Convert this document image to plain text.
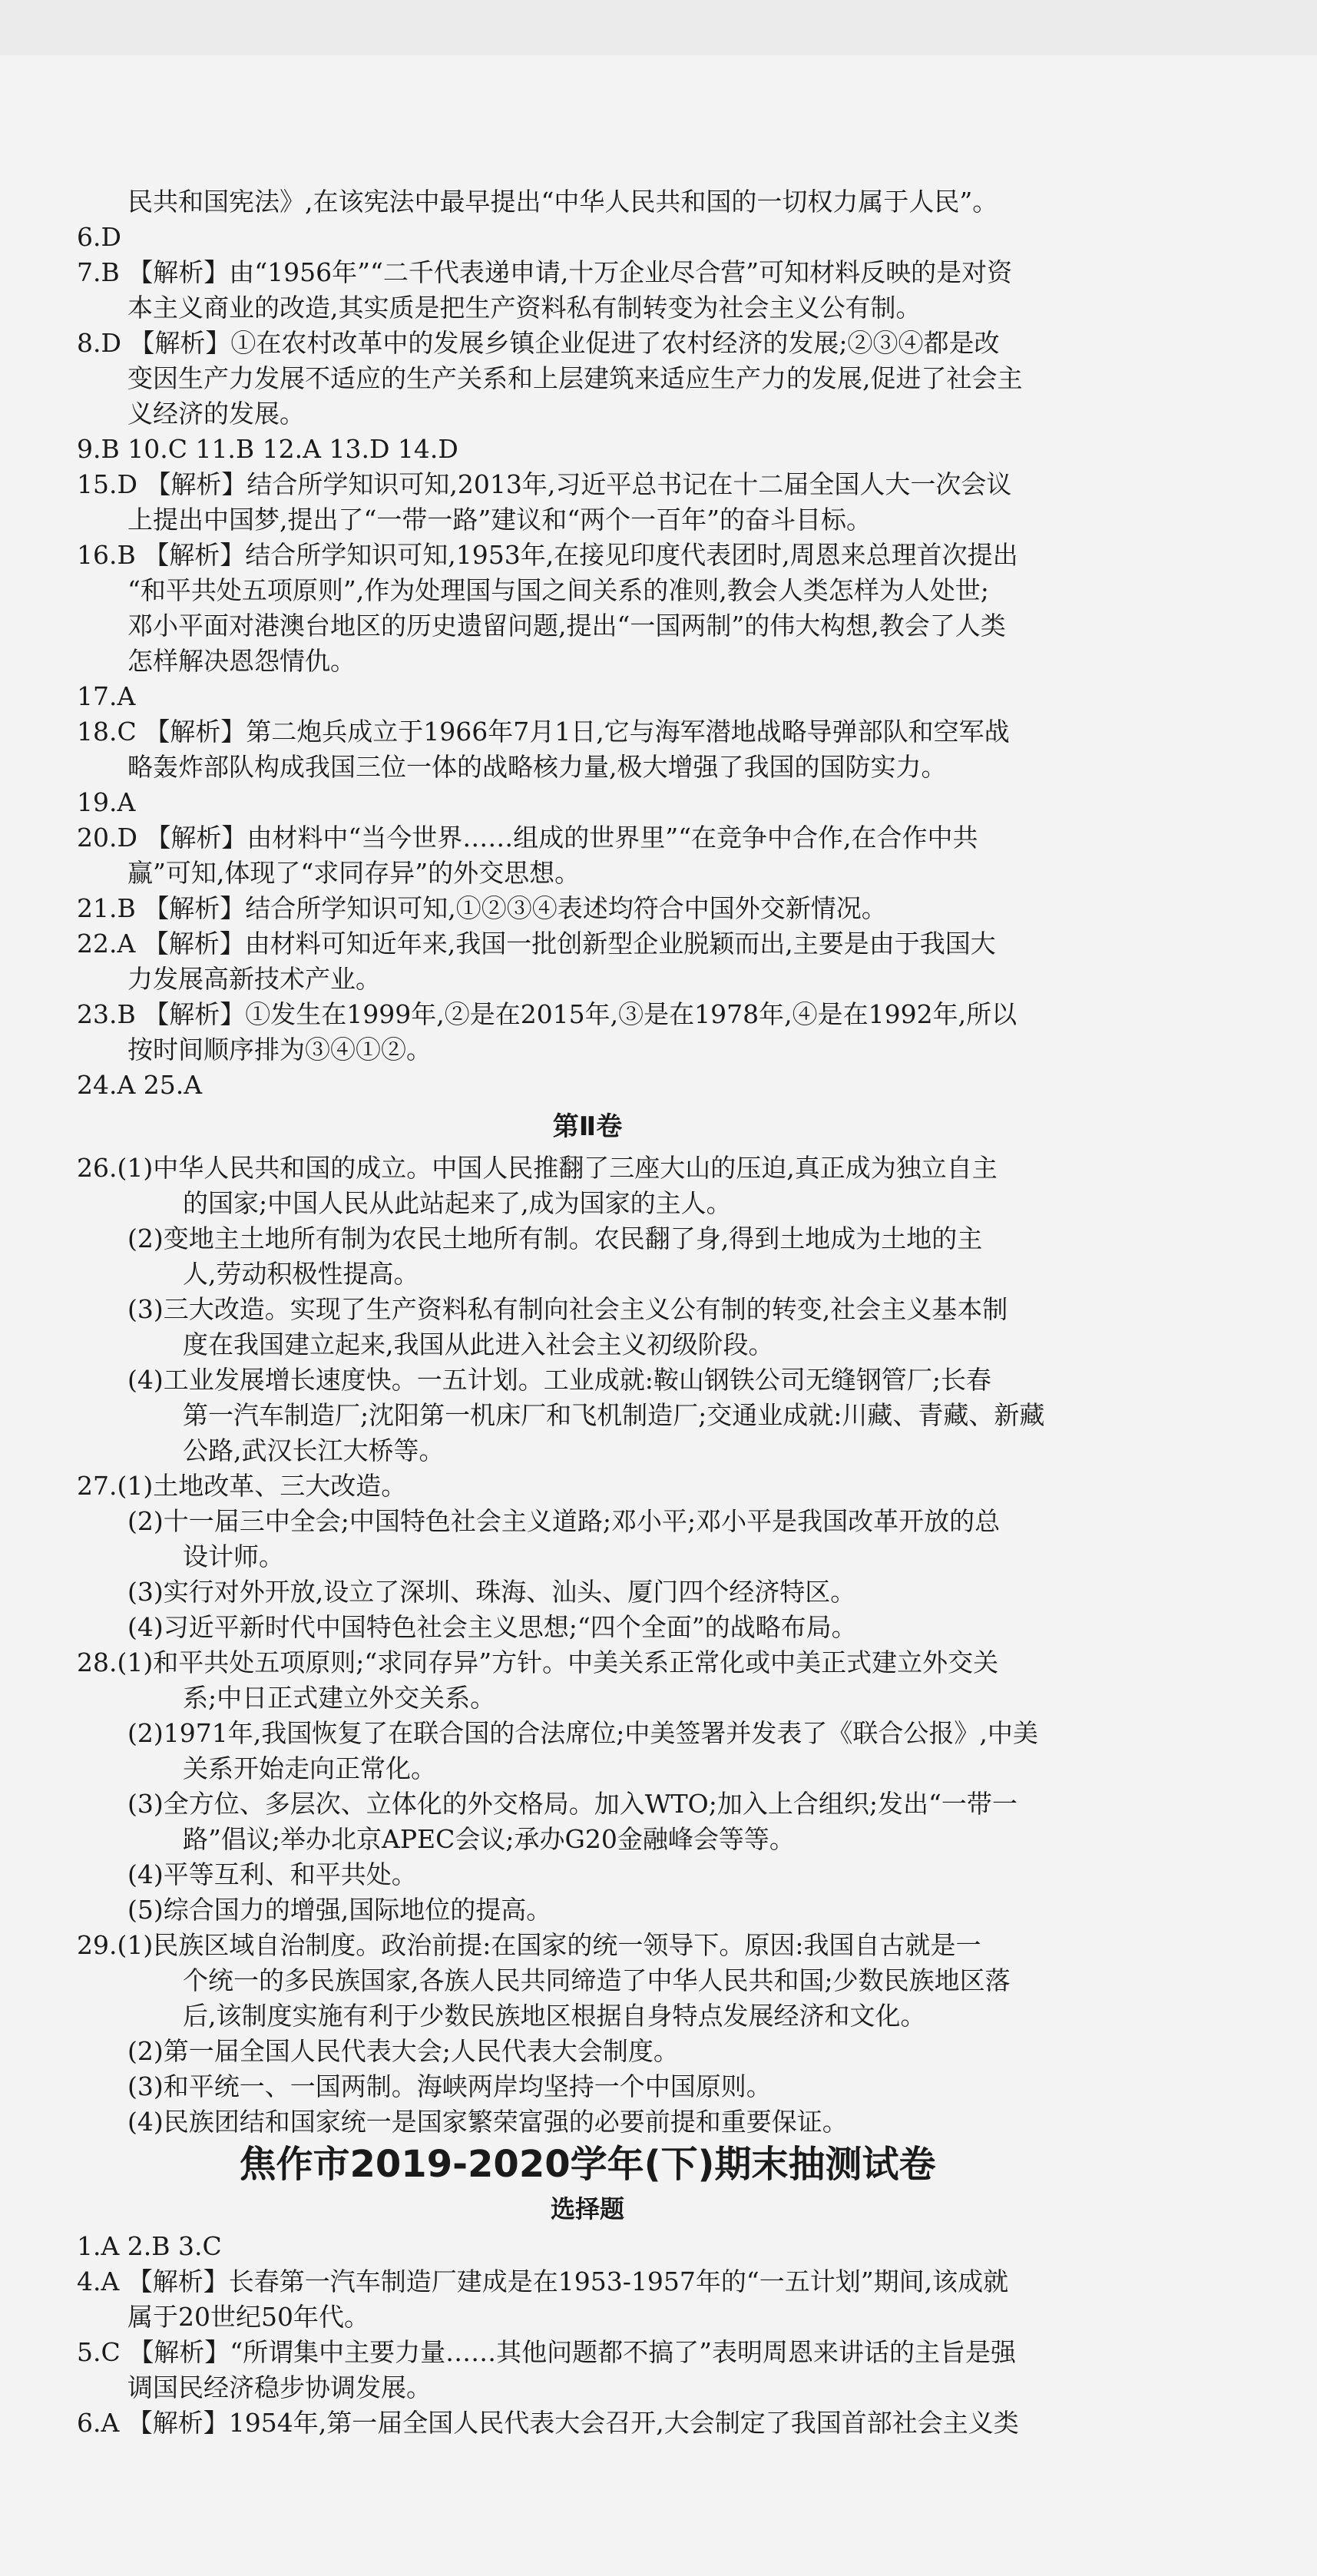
民共和国宪法》,在该宪法中最早提出“中华人民共和国的一切权力属于人民”。
6.D
7.B 【解析】由“1956年”“二千代表递申请,十万企业尽合营”可知材料反映的是对资
本主义商业的改造,其实质是把生产资料私有制转变为社会主义公有制。
8.D 【解析】①在农村改革中的发展乡镇企业促进了农村经济的发展;②③④都是改
变因生产力发展不适应的生产关系和上层建筑来适应生产力的发展,促进了社会主
义经济的发展。
9.B 10.C 11.B 12.A 13.D 14.D
15.D 【解析】结合所学知识可知,2013年,习近平总书记在十二届全国人大一次会议
上提出中国梦,提出了“一带一路”建议和“两个一百年”的奋斗目标。
16.B 【解析】结合所学知识可知,1953年,在接见印度代表团时,周恩来总理首次提出
“和平共处五项原则”,作为处理国与国之间关系的准则,教会人类怎样为人处世;
邓小平面对港澳台地区的历史遗留问题,提出“一国两制”的伟大构想,教会了人类
怎样解决恩怨情仇。
17.A
18.C 【解析】第二炮兵成立于1966年7月1日,它与海军潜地战略导弹部队和空军战
略轰炸部队构成我国三位一体的战略核力量,极大增强了我国的国防实力。
19.A
20.D 【解析】由材料中“当今世界……组成的世界里”“在竞争中合作,在合作中共
赢”可知,体现了“求同存异”的外交思想。
21.B 【解析】结合所学知识可知,①②③④表述均符合中国外交新情况。
22.A 【解析】由材料可知近年来,我国一批创新型企业脱颖而出,主要是由于我国大
力发展高新技术产业。
23.B 【解析】①发生在1999年,②是在2015年,③是在1978年,④是在1992年,所以
按时间顺序排为③④①②。
24.A 25.A
第Ⅱ卷
26.(1)中华人民共和国的成立。中国人民推翻了三座大山的压迫,真正成为独立自主
的国家;中国人民从此站起来了,成为国家的主人。
(2)变地主土地所有制为农民土地所有制。农民翻了身,得到土地成为土地的主
人,劳动积极性提高。
(3)三大改造。实现了生产资料私有制向社会主义公有制的转变,社会主义基本制
度在我国建立起来,我国从此进入社会主义初级阶段。
(4)工业发展增长速度快。一五计划。工业成就:鞍山钢铁公司无缝钢管厂;长春
第一汽车制造厂;沈阳第一机床厂和飞机制造厂;交通业成就:川藏、青藏、新藏
公路,武汉长江大桥等。
27.(1)土地改革、三大改造。
(2)十一届三中全会;中国特色社会主义道路;邓小平;邓小平是我国改革开放的总
设计师。
(3)实行对外开放,设立了深圳、珠海、汕头、厦门四个经济特区。
(4)习近平新时代中国特色社会主义思想;“四个全面”的战略布局。
28.(1)和平共处五项原则;“求同存异”方针。中美关系正常化或中美正式建立外交关
系;中日正式建立外交关系。
(2)1971年,我国恢复了在联合国的合法席位;中美签署并发表了《联合公报》,中美
关系开始走向正常化。
(3)全方位、多层次、立体化的外交格局。加入WTO;加入上合组织;发出“一带一
路”倡议;举办北京APEC会议;承办G20金融峰会等等。
(4)平等互利、和平共处。
(5)综合国力的增强,国际地位的提高。
29.(1)民族区域自治制度。政治前提:在国家的统一领导下。原因:我国自古就是一
个统一的多民族国家,各族人民共同缔造了中华人民共和国;少数民族地区落
后,该制度实施有利于少数民族地区根据自身特点发展经济和文化。
(2)第一届全国人民代表大会;人民代表大会制度。
(3)和平统一、一国两制。海峡两岸均坚持一个中国原则。
(4)民族团结和国家统一是国家繁荣富强的必要前提和重要保证。
焦作市2019-2020学年(下)期末抽测试卷
选择题
1.A 2.B 3.C
4.A 【解析】长春第一汽车制造厂建成是在1953-1957年的“一五计划”期间,该成就
属于20世纪50年代。
5.C 【解析】“所谓集中主要力量……其他问题都不搞了”表明周恩来讲话的主旨是强
调国民经济稳步协调发展。
6.A 【解析】1954年,第一届全国人民代表大会召开,大会制定了我国首部社会主义类
